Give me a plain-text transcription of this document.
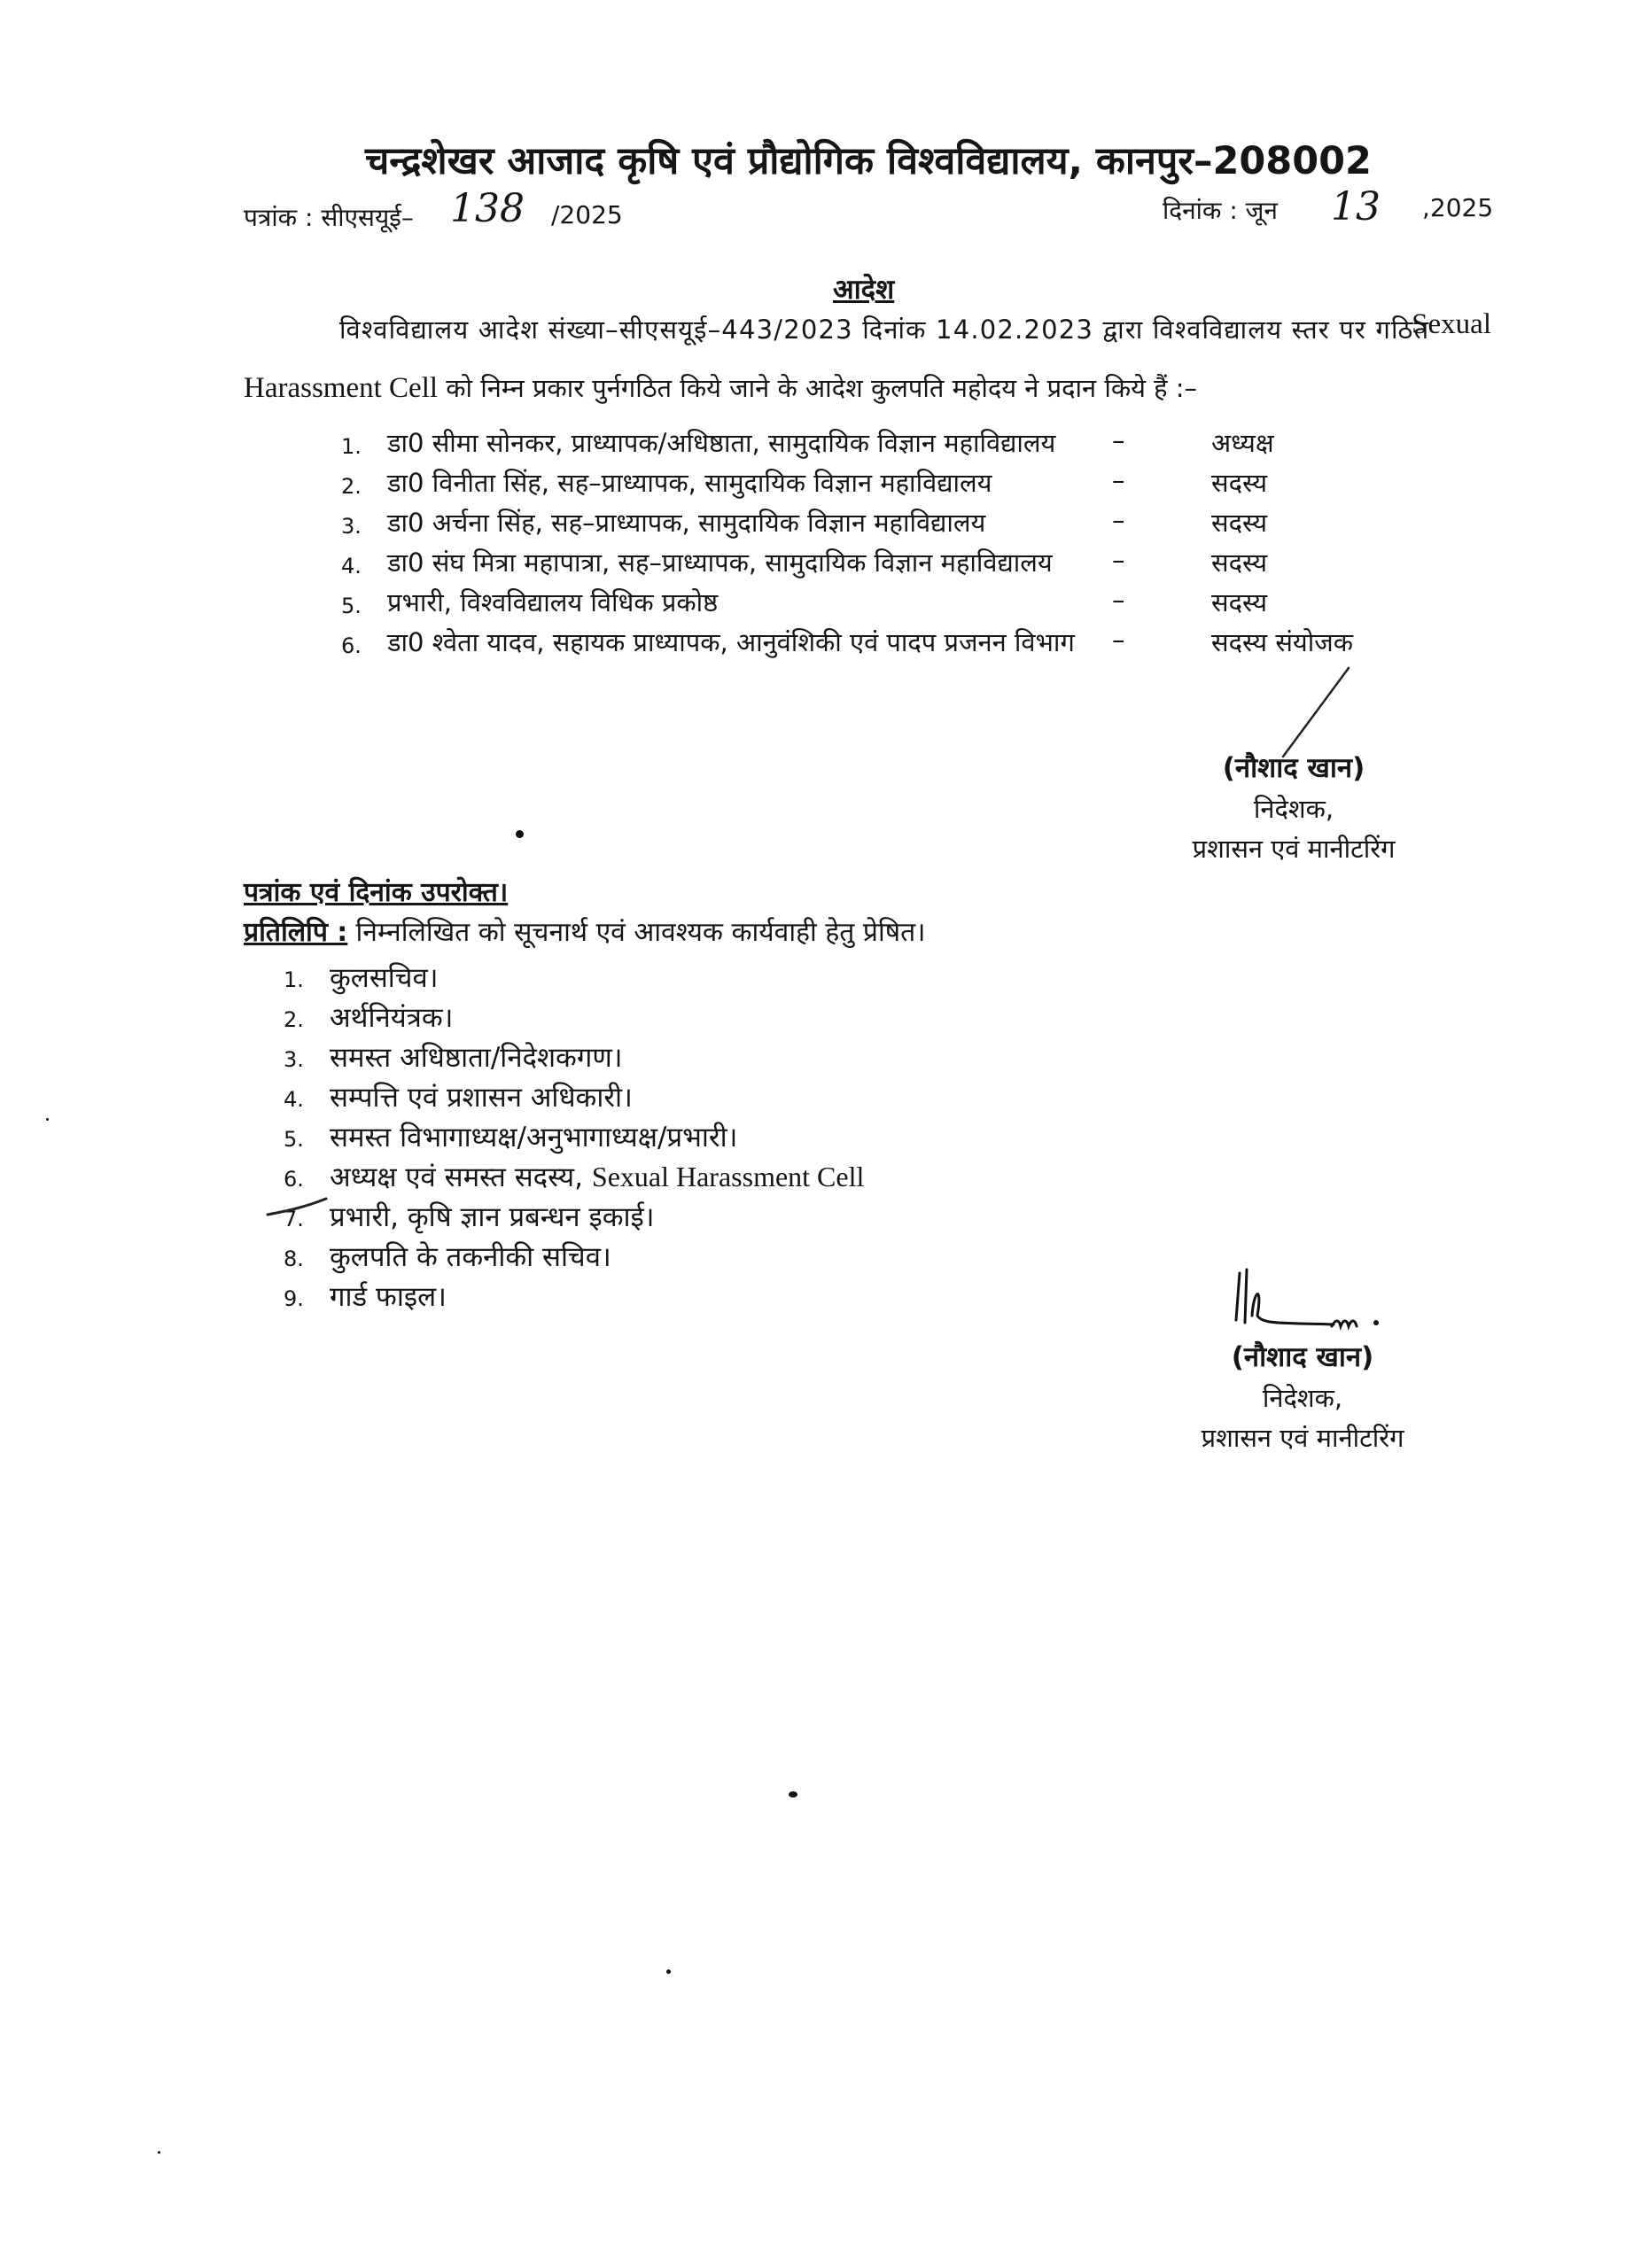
चन्द्रशेखर आजाद कृषि एवं प्रौद्योगिक विश्वविद्यालय, कानपुर–208002
पत्रांक : सीएसयूई– 138 /2025	दिनांक : जून 13 ,2025
आदेश
विश्वविद्यालय आदेश संख्या–सीएसयूई–443/2023 दिनांक 14.02.2023 द्वारा विश्वविद्यालय स्तर पर गठित
Sexual
Harassment Cell को निम्न प्रकार पुर्नगठित किये जाने के आदेश कुलपति महोदय ने प्रदान किये हैं :–
1. डा0 सीमा सोनकर, प्राध्यापक/अधिष्ठाता, सामुदायिक विज्ञान महाविद्यालय –	अध्यक्ष
2. डा0 विनीता सिंह, सह–प्राध्यापक, सामुदायिक विज्ञान महाविद्यालय	–	सदस्य
3. डा0 अर्चना सिंह, सह–प्राध्यापक, सामुदायिक विज्ञान महाविद्यालय	–	सदस्य
4. डा0 संघ मित्रा महापात्रा, सह–प्राध्यापक, सामुदायिक विज्ञान महाविद्यालय –	सदस्य
5. प्रभारी, विश्वविद्यालय विधिक प्रकोष्ठ	–	सदस्य
6. डा0 श्वेता यादव, सहायक प्राध्यापक, आनुवंशिकी एवं पादप प्रजनन विभाग –	सदस्य संयोजक
(नौशाद खान)
निदेशक,
प्रशासन एवं मानीटरिंग
पत्रांक एवं दिनांक उपरोक्त।
प्रतिलिपि : निम्नलिखित को सूचनार्थ एवं आवश्यक कार्यवाही हेतु प्रेषित।
1. कुलसचिव।
2. अर्थनियंत्रक।
3. समस्त अधिष्ठाता/निदेशकगण।
4. सम्पत्ति एवं प्रशासन अधिकारी।
5. समस्त विभागाध्यक्ष/अनुभागाध्यक्ष/प्रभारी।
6. अध्यक्ष एवं समस्त सदस्य, Sexual Harassment Cell
7. प्रभारी, कृषि ज्ञान प्रबन्धन इकाई।
8. कुलपति के तकनीकी सचिव।
9. गार्ड फाइल।
(नौशाद खान)
निदेशक,
प्रशासन एवं मानीटरिंग
